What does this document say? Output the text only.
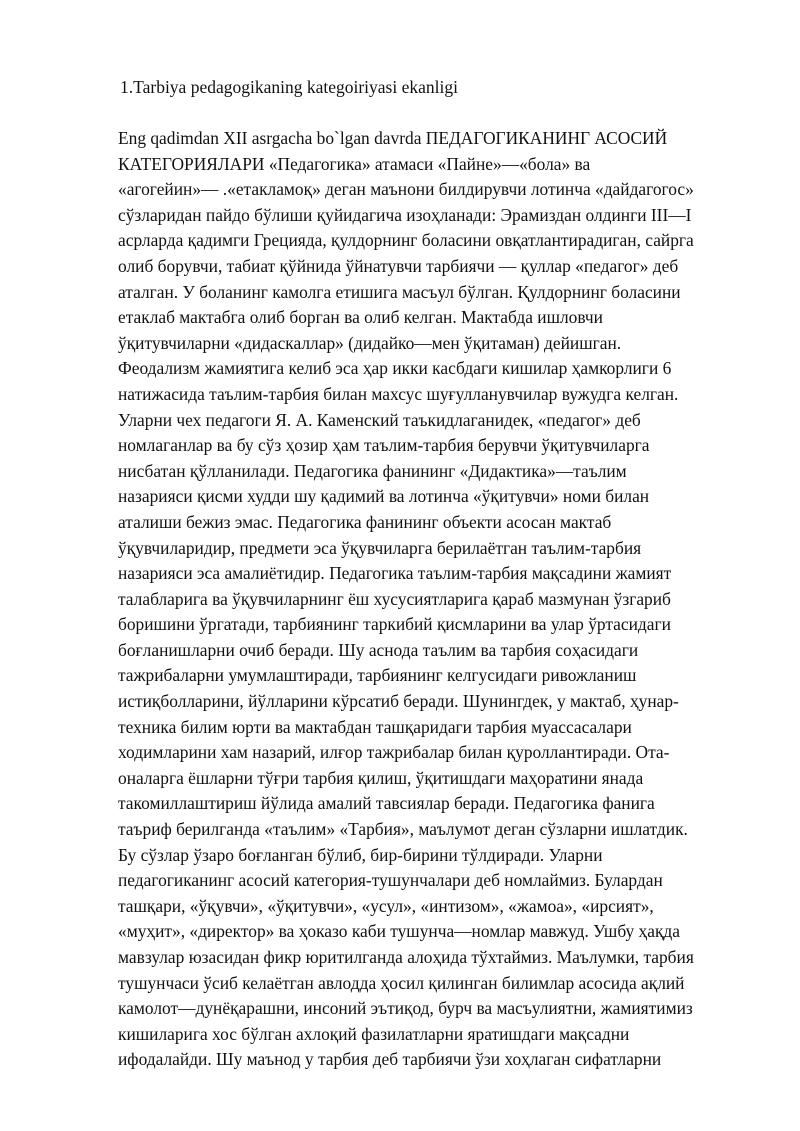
1.Tarbiya pedagogikaning kategoiriyasi ekanligi
Eng qadimdan XII asrgacha bo`lgan davrda ПЕДАГОГИКАНИНГ АСОСИЙ
КАТЕГОРИЯЛАРИ «Педагогика» атамаси «Пайне»—«бола» ва
«агогейин»— .«етакламоқ» деган маънони билдирувчи лотинча «дайдагогос»
сўзларидан пайдо бўлиши қуйидагича изоҳланади: Эрамиздан олдинги III—I
асрларда қадимги Грецияда, қулдорнинг боласини овқатлантирадиган, сайрга
олиб борувчи, табиат қўйнида ўйнатувчи тарбиячи — қуллар «педагог» деб
аталган. У боланинг камолга етишига масъул бўлган. Қулдорнинг боласини
етаклаб мактабга олиб борган ва олиб келган. Мактабда ишловчи
ўқитувчиларни «дидаскаллар» (дидайко—мен ўқитаман) дейишган.
Феодализм жамиятига келиб эса ҳар икки касбдаги кишилар ҳамкорлиги 6
натижасида таълим-тарбия билан махсус шуғулланувчилар вужудга келган.
Уларни чех педагоги Я. А. Каменский таъкидлаганидек, «педагог» деб
номлаганлар ва бу сўз ҳозир ҳам таълим-тарбия берувчи ўқитувчиларга
нисбатан қўлланилади. Педагогика фанининг «Дидактика»—таълим
назарияси қисми худди шу қадимий ва лотинча «ўқитувчи» номи билан
аталиши бежиз эмас. Педагогика фанининг объекти асосан мактаб
ўқувчиларидир, предмети эса ўқувчиларга берилаётган таълим-тарбия
назарияси эса амалиётидир. Педагогика таълим-тарбия мақсадини жамият
талабларига ва ўқувчиларнинг ёш хусусиятларига қараб мазмунан ўзгариб
боришини ўргатади, тарбиянинг таркибий қисмларини ва улар ўртасидаги
боғланишларни очиб беради. Шу аснода таълим ва тарбия соҳасидаги
тажрибаларни умумлаштиради, тарбиянинг келгусидаги ривожланиш
истиқболларини, йўлларини кўрсатиб беради. Шунингдек, у мактаб, ҳунар-
техника билим юрти ва мактабдан ташқаридаги тарбия муассасалари
ходимларини хам назарий, илғор тажрибалар билан қуроллантиради. Ота-
оналарга ёшларни тўғри тарбия қилиш, ўқитишдаги маҳоратини янада
такомиллаштириш йўлида амалий тавсиялар беради. Педагогика фанига
таъриф берилганда «таълим» «Тарбия», маълумот деган сўзларни ишлатдик.
Бу сўзлар ўзаро боғланган бўлиб, бир-бирини тўлдиради. Уларни
педагогиканинг асосий категория-тушунчалари деб номлаймиз. Булардан
ташқари, «ўқувчи», «ўқитувчи», «усул», «интизом», «жамоа», «ирсият»,
«муҳит», «директор» ва ҳоказо каби тушунча—номлар мавжуд. Ушбу ҳақда
мавзулар юзасидан фикр юритилганда алоҳида тўхтаймиз. Маълумки, тарбия
тушунчаси ўсиб келаётган авлодда ҳосил қилинган билимлар асосида ақлий
камолот—дунёқарашни, инсоний эътиқод, бурч ва масъулиятни, жамиятимиз
кишиларига хос бўлган ахлоқий фазилатларни яратишдаги мақсадни
ифодалайди. Шу маънод у тарбия деб тарбиячи ўзи хоҳлаган сифатларни
